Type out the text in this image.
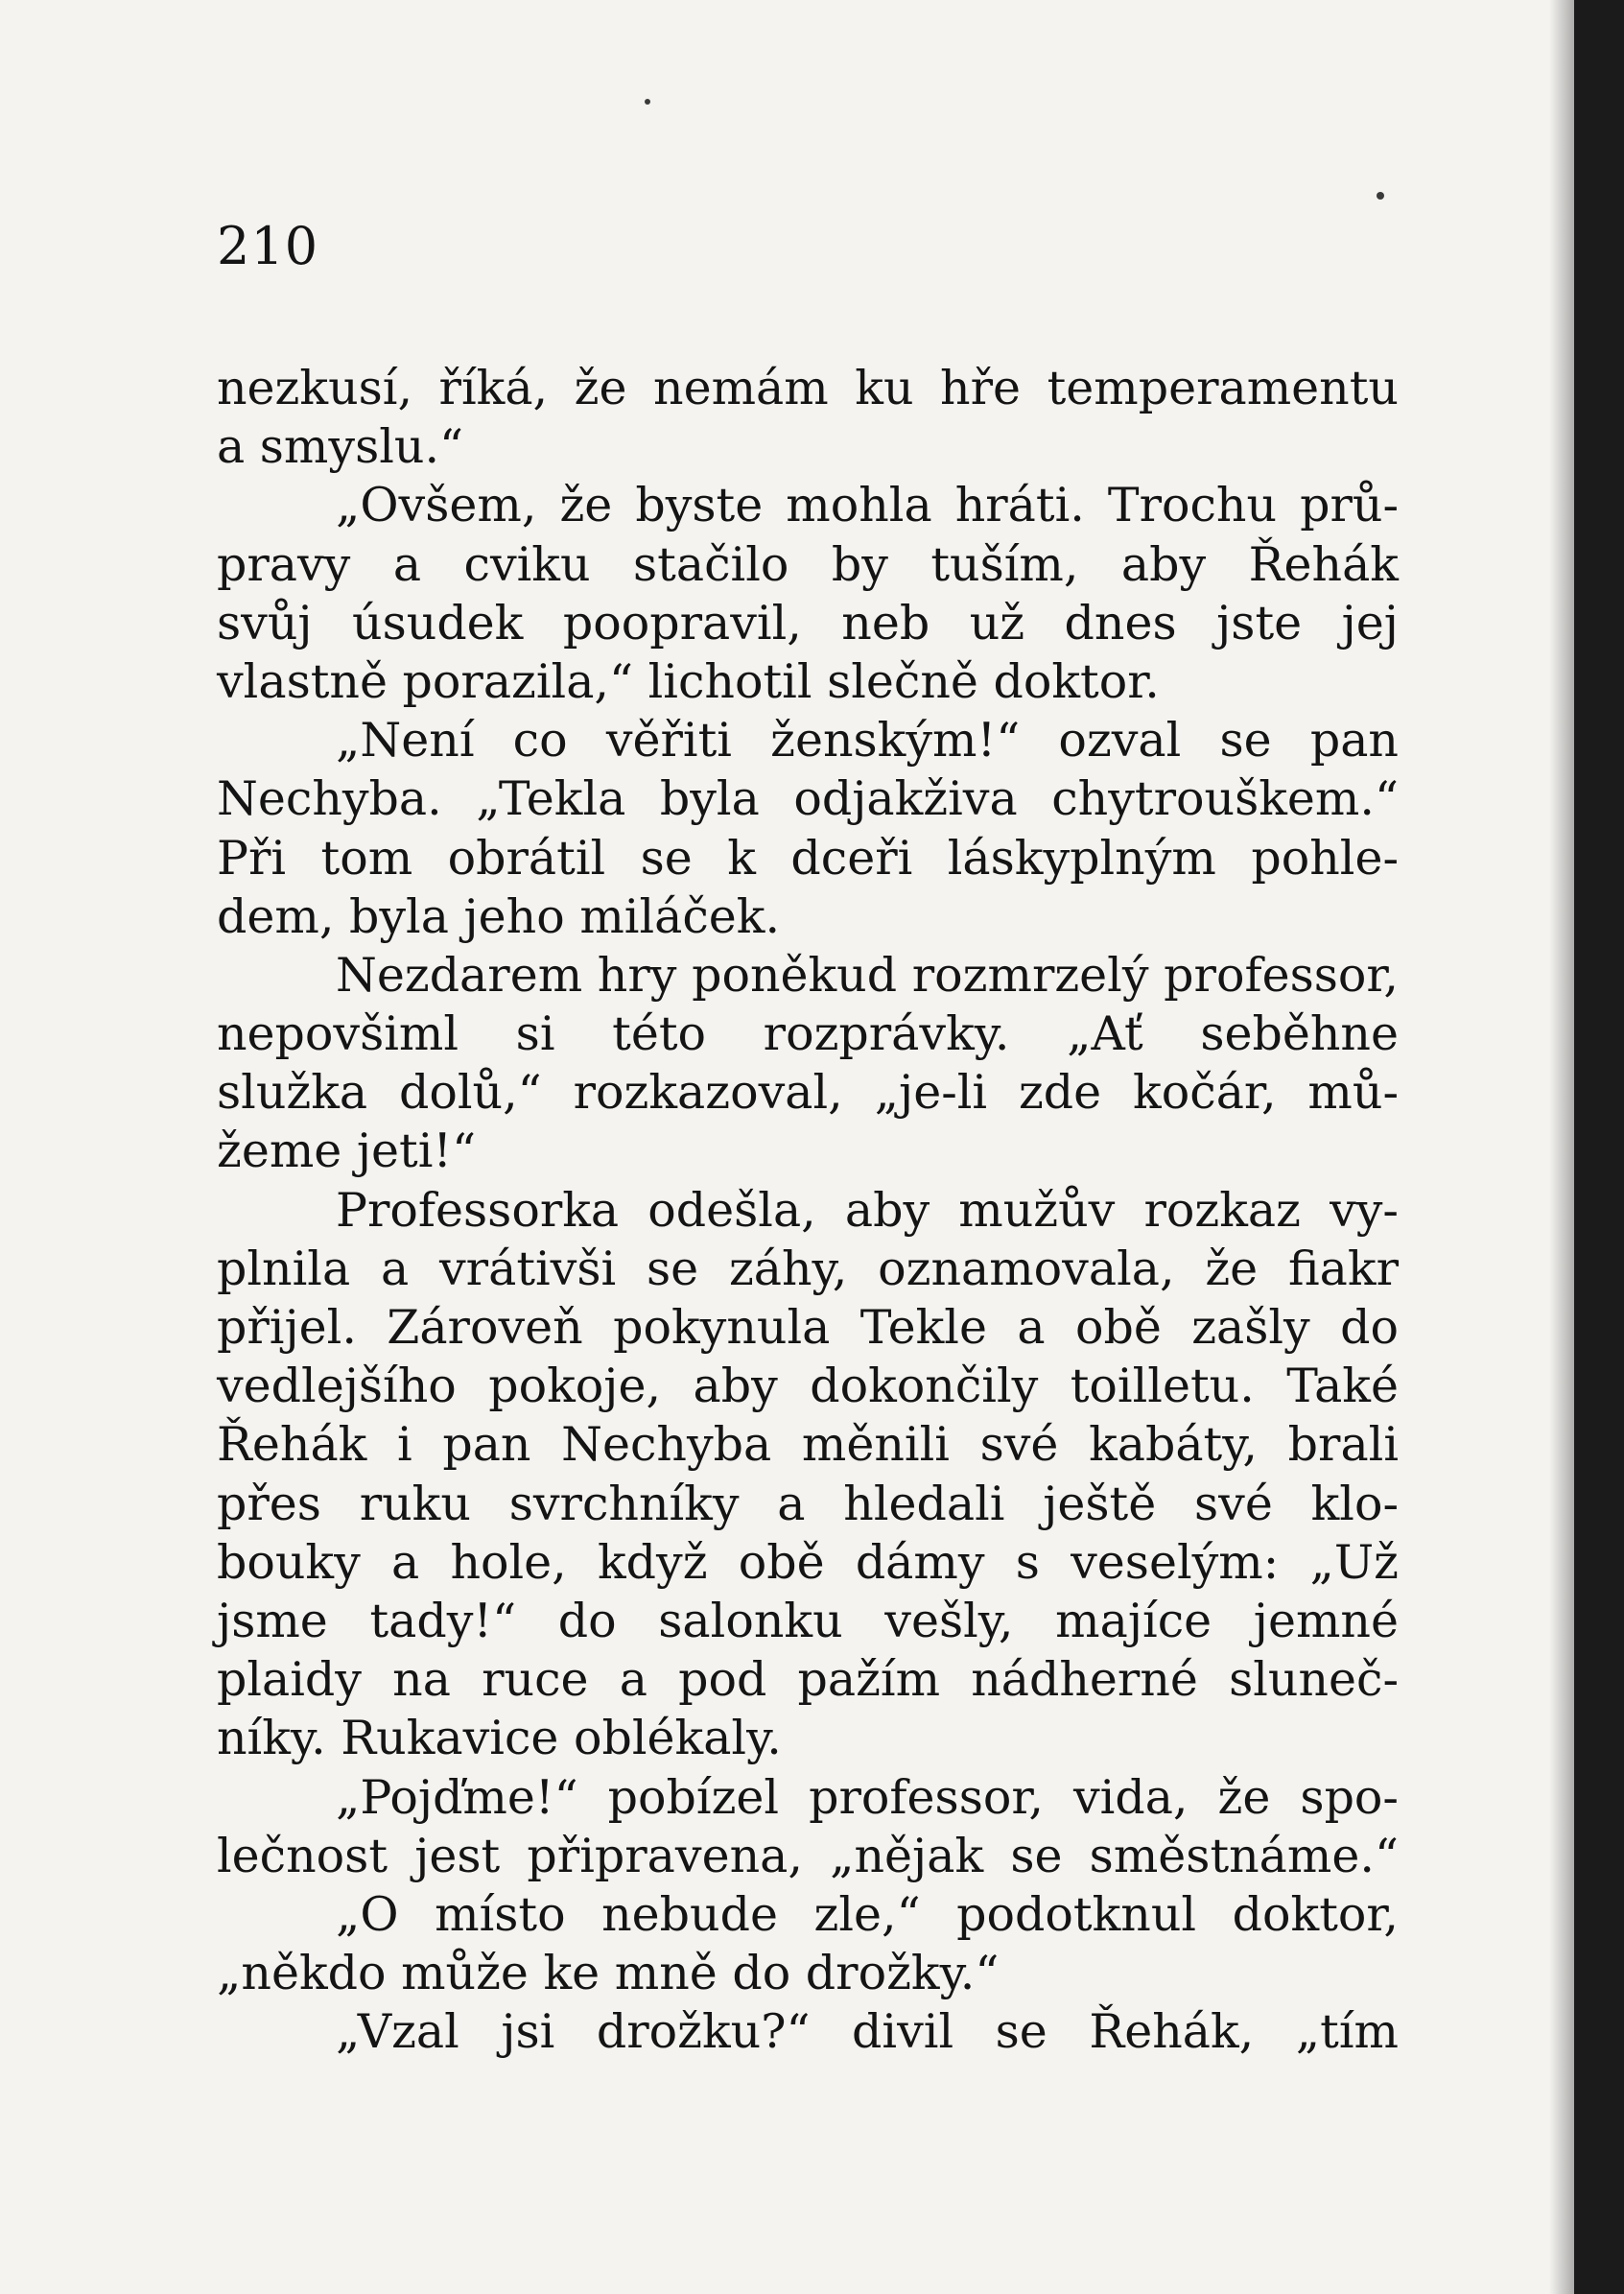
210
nezkusí, říká, že nemám ku hře temperamentu
a smyslu.“
„Ovšem, že byste mohla hráti. Trochu prů-
pravy a cviku stačilo by tuším, aby Řehák
svůj úsudek poopravil, neb už dnes jste jej
vlastně porazila,“ lichotil slečně doktor.
„Není co věřiti ženským!“ ozval se pan
Nechyba. „Tekla byla odjakživa chytrouškem.“
Při tom obrátil se k dceři láskyplným pohle-
dem, byla jeho miláček.
Nezdarem hry poněkud rozmrzelý professor,
nepovšiml si této rozprávky. „Ať seběhne
služka dolů,“ rozkazoval, „je-li zde kočár, mů-
žeme jeti!“
Professorka odešla, aby mužův rozkaz vy-
plnila a vrátivši se záhy, oznamovala, že fiakr
přijel. Zároveň pokynula Tekle a obě zašly do
vedlejšího pokoje, aby dokončily toilletu. Také
Řehák i pan Nechyba měnili své kabáty, brali
přes ruku svrchníky a hledali ještě své klo-
bouky a hole, když obě dámy s veselým: „Už
jsme tady!“ do salonku vešly, majíce jemné
plaidy na ruce a pod paž́ím nádherné sluneč-
níky. Rukavice oblékaly.
„Pojďme!“ pobízel professor, vida, že spo-
lečnost jest připravena, „nějak se směstnáme.“
„O místo nebude zle,“ podotknul doktor,
„někdo může ke mně do drožky.“
„Vzal jsi drožku?“ divil se Řehák, „tím
